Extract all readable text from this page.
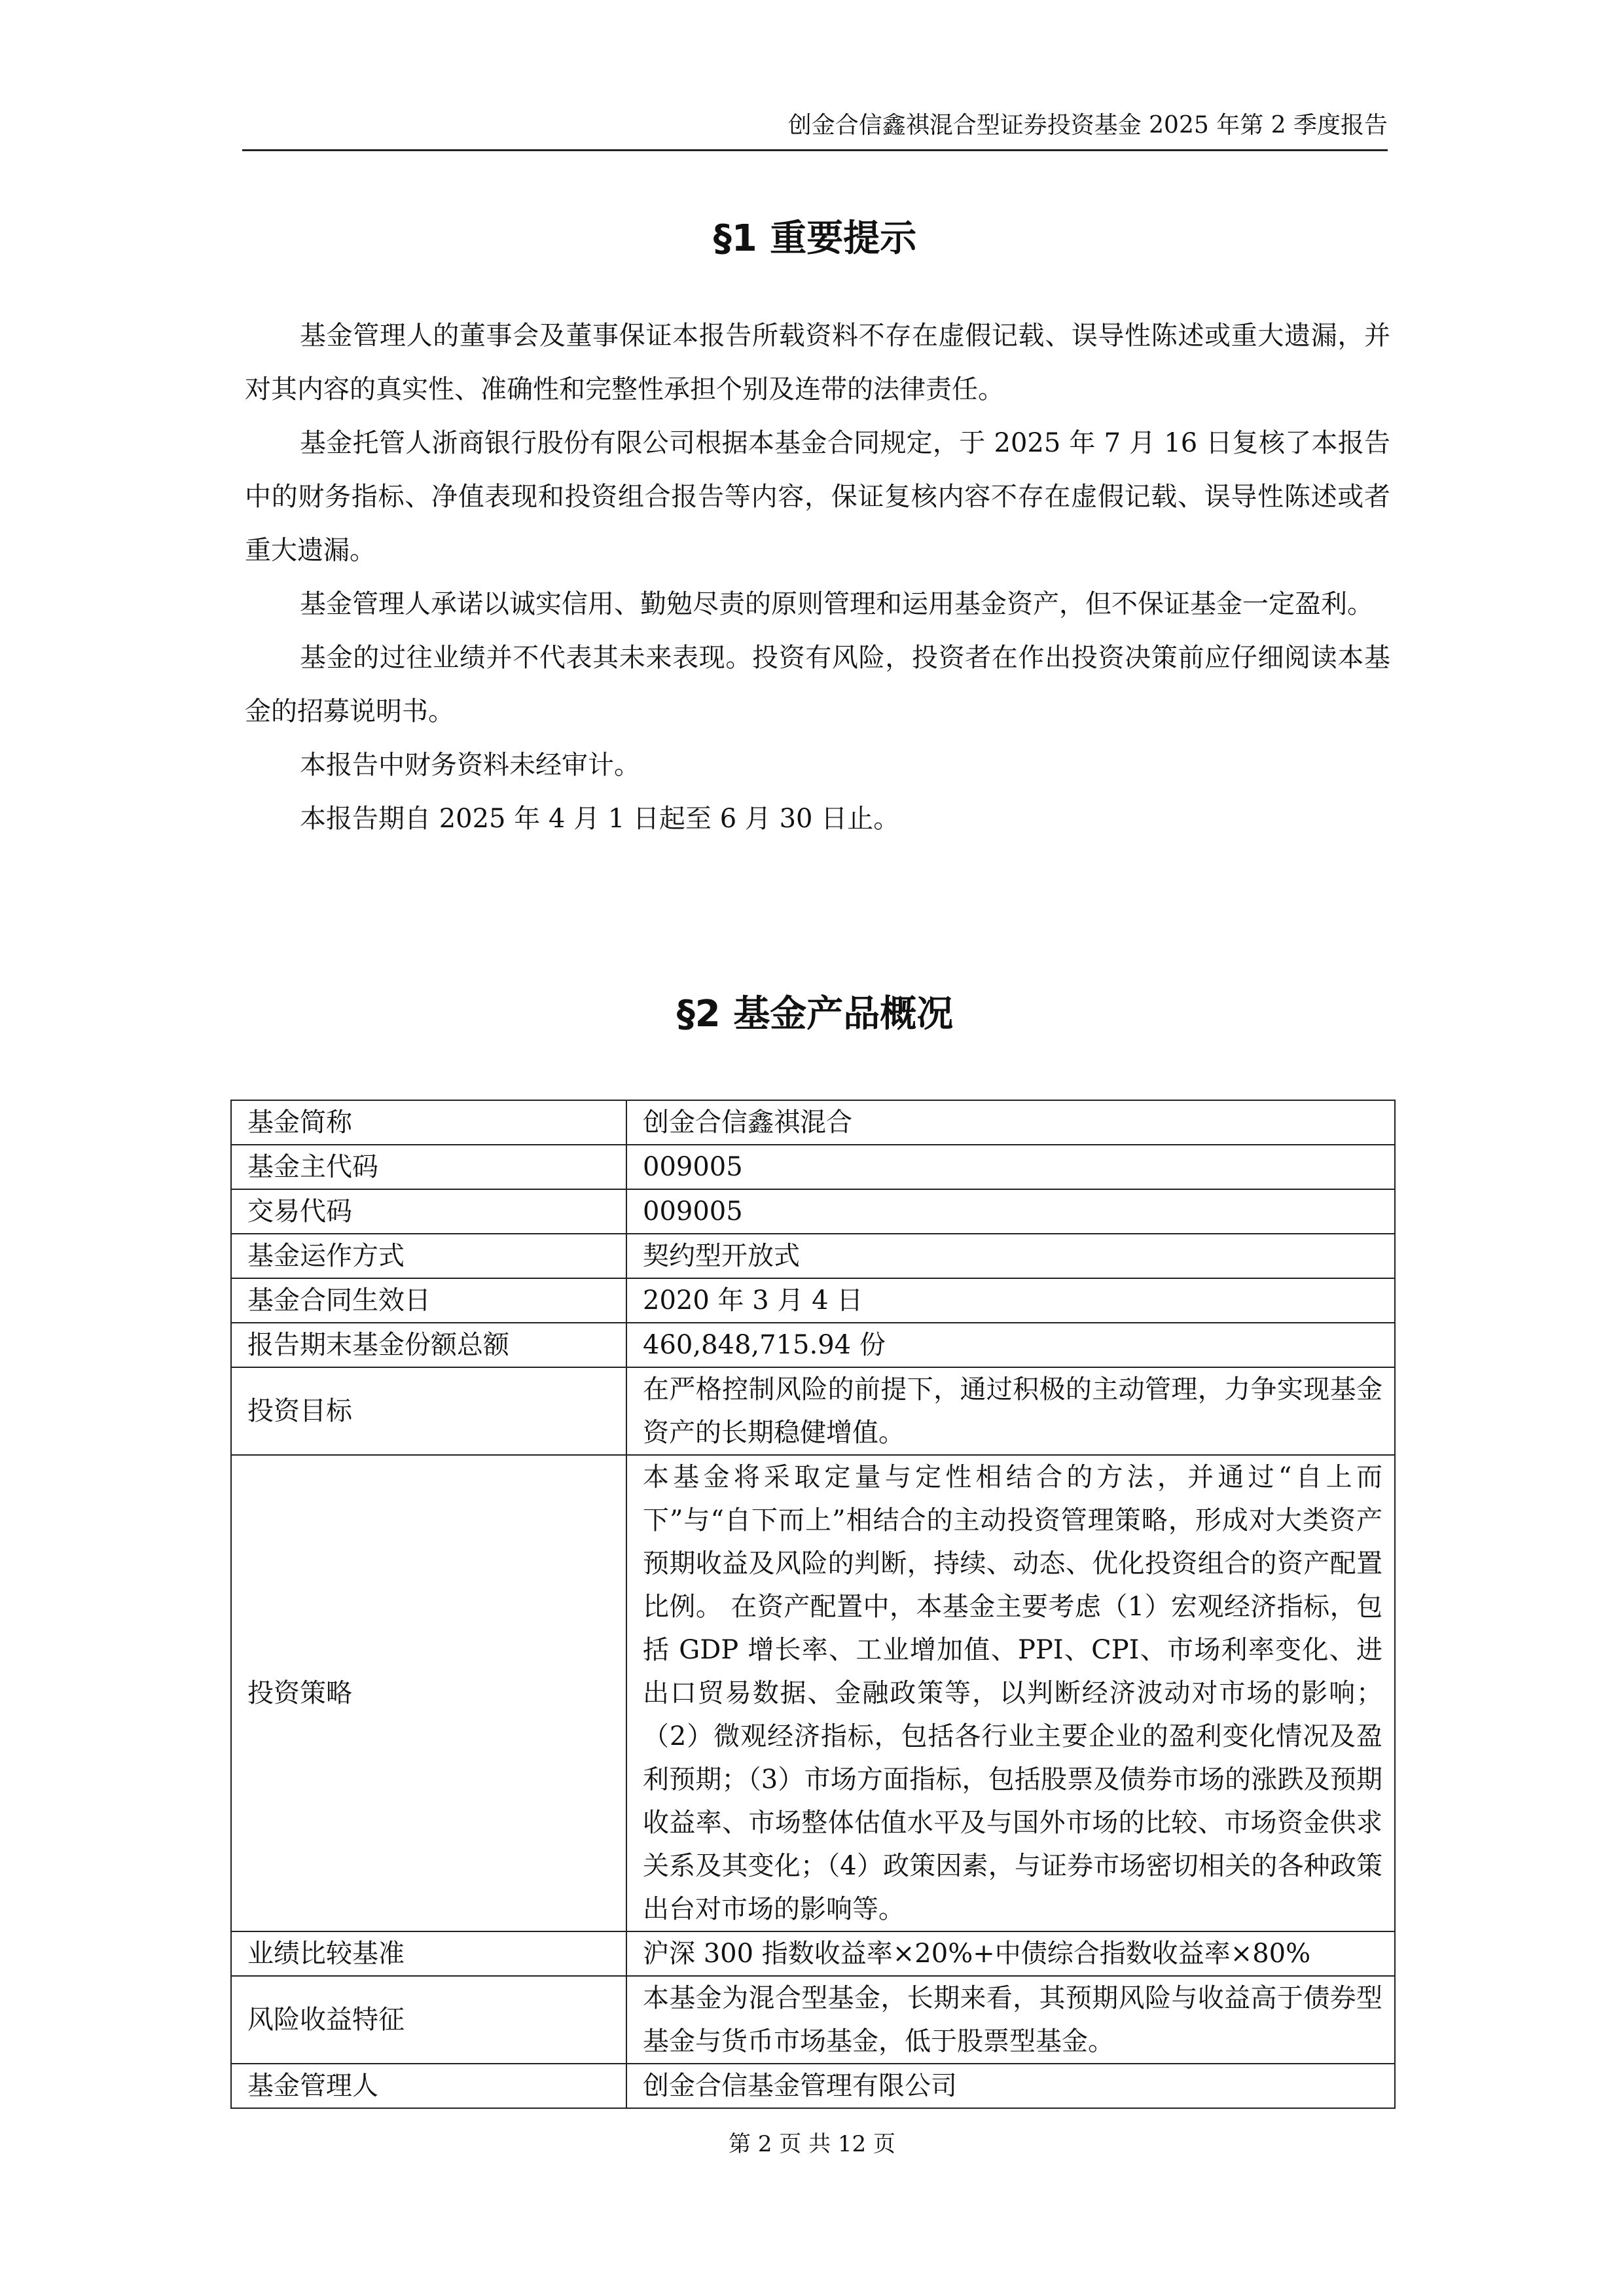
创金合信鑫祺混合型证券投资基金 2025 年第 2 季度报告
§1 重要提示

基金管理人的董事会及董事保证本报告所载资料不存在虚假记载、误导性陈述或重大遗漏，并对其内容的真实性、准确性和完整性承担个别及连带的法律责任。

基金托管人浙商银行股份有限公司根据本基金合同规定，于 2025 年 7 月 16 日复核了本报告中的财务指标、净值表现和投资组合报告等内容，保证复核内容不存在虚假记载、误导性陈述或者重大遗漏。

基金管理人承诺以诚实信用、勤勉尽责的原则管理和运用基金资产，但不保证基金一定盈利。

基金的过往业绩并不代表其未来表现。投资有风险，投资者在作出投资决策前应仔细阅读本基金的招募说明书。

本报告中财务资料未经审计。

本报告期自 2025 年 4 月 1 日起至 6 月 30 日止。

§2 基金产品概况
基金简称	创金合信鑫祺混合
基金主代码	009005
交易代码	009005
基金运作方式	契约型开放式
基金合同生效日	2020 年 3 月 4 日
报告期末基金份额总额	460,848,715.94 份
投资目标	在严格控制风险的前提下，通过积极的主动管理，力争实现基金资产的长期稳健增值。
投资策略	本基金将采取定量与定性相结合的方法，并通过“自上而下”与“自下而上”相结合的主动投资管理策略，形成对大类资产预期收益及风险的判断，持续、动态、优化投资组合的资产配置比例。 在资产配置中，本基金主要考虑（1）宏观经济指标，包括 GDP 增长率、工业增加值、PPI、CPI、市场利率变化、进出口贸易数据、金融政策等，以判断经济波动对市场的影响；（2）微观经济指标，包括各行业主要企业的盈利变化情况及盈利预期；（3）市场方面指标，包括股票及债券市场的涨跌及预期收益率、市场整体估值水平及与国外市场的比较、市场资金供求关系及其变化；（4）政策因素，与证券市场密切相关的各种政策出台对市场的影响等。
业绩比较基准	沪深 300 指数收益率×20%+中债综合指数收益率×80%
风险收益特征	本基金为混合型基金，长期来看，其预期风险与收益高于债券型基金与货币市场基金，低于股票型基金。
基金管理人	创金合信基金管理有限公司
第 2 页 共 12 页
